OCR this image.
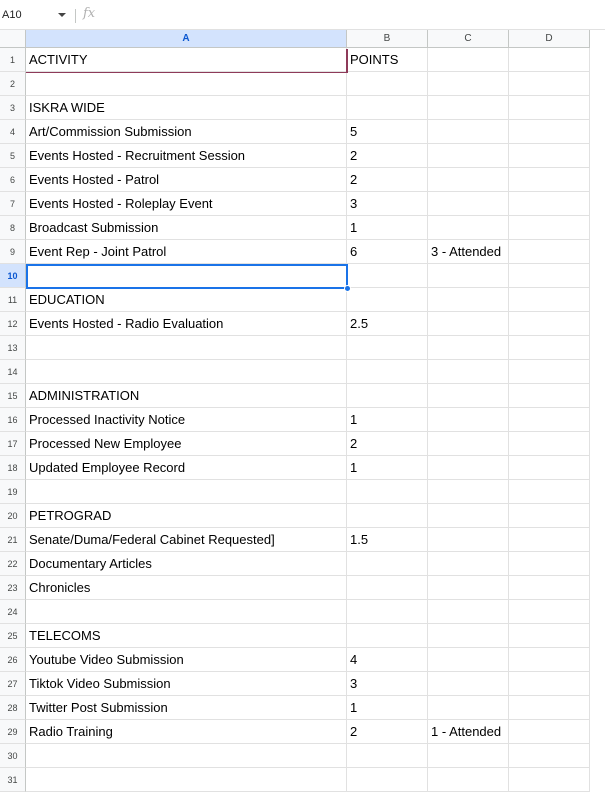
A10	fx
A	B	C	D
1	ACTIVITY	POINTS
2
3	ISKRA WIDE
4	Art/Commission Submission	5
5	Events Hosted - Recruitment Session	2
6	Events Hosted - Patrol	2
7	Events Hosted - Roleplay Event	3
8	Broadcast Submission	1
9	Event Rep - Joint Patrol	6	3 - Attended
10
11 EDUCATION
12 Events Hosted - Radio Evaluation	2.5
13
14
15 ADMINISTRATION
16 Processed Inactivity Notice	1
17 Processed New Employee	2
18 Updated Employee Record	1
19
20 PETROGRAD
21 Senate/Duma/Federal Cabinet Requested]	1.5
22 Documentary Articles
23 Chronicles
24
25 TELECOMS
26 Youtube Video Submission	4
27 Tiktok Video Submission	3
28 Twitter Post Submission	1
29 Radio Training	2	1 - Attended
30
31
